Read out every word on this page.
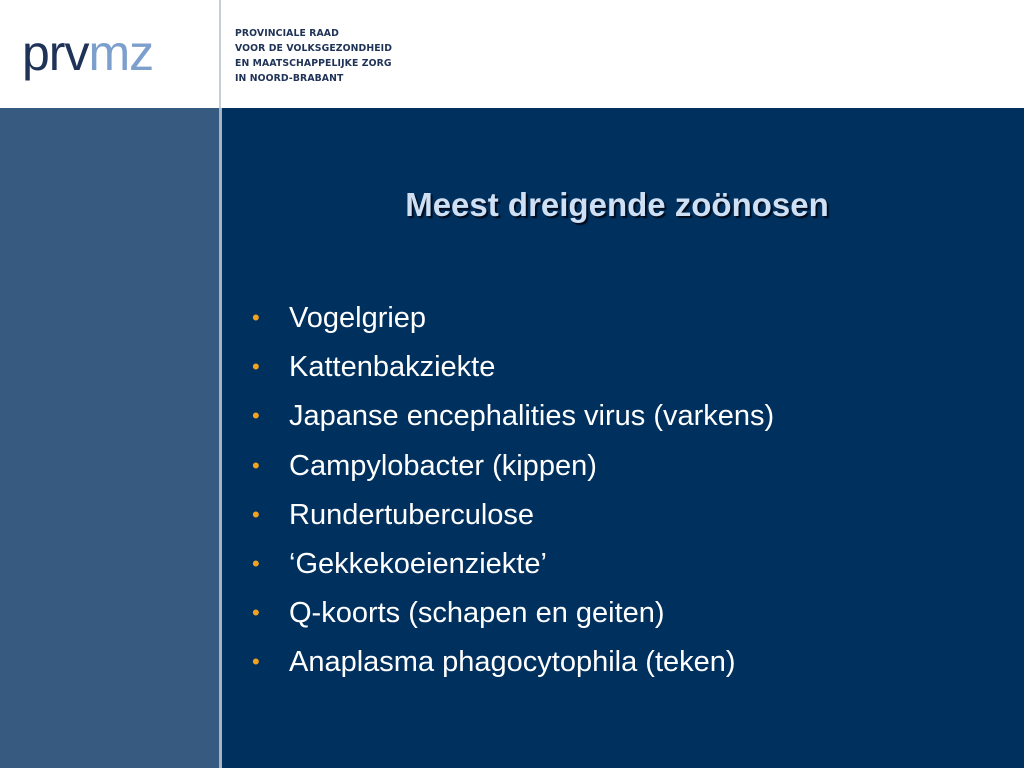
prvmz	PROVINCIALE RAAD
VOOR DE VOLKSGEZONDHEID
EN MAATSCHAPPELIJKE ZORG
IN NOORD-BRABANT
Meest dreigende zoönosen
• Vogelgriep
• Kattenbakziekte
• Japanse encephalities virus (varkens)
• Campylobacter (kippen)
• Rundertuberculose
• ‘Gekkekoeienziekte’
• Q-koorts (schapen en geiten)
• Anaplasma phagocytophila (teken)
